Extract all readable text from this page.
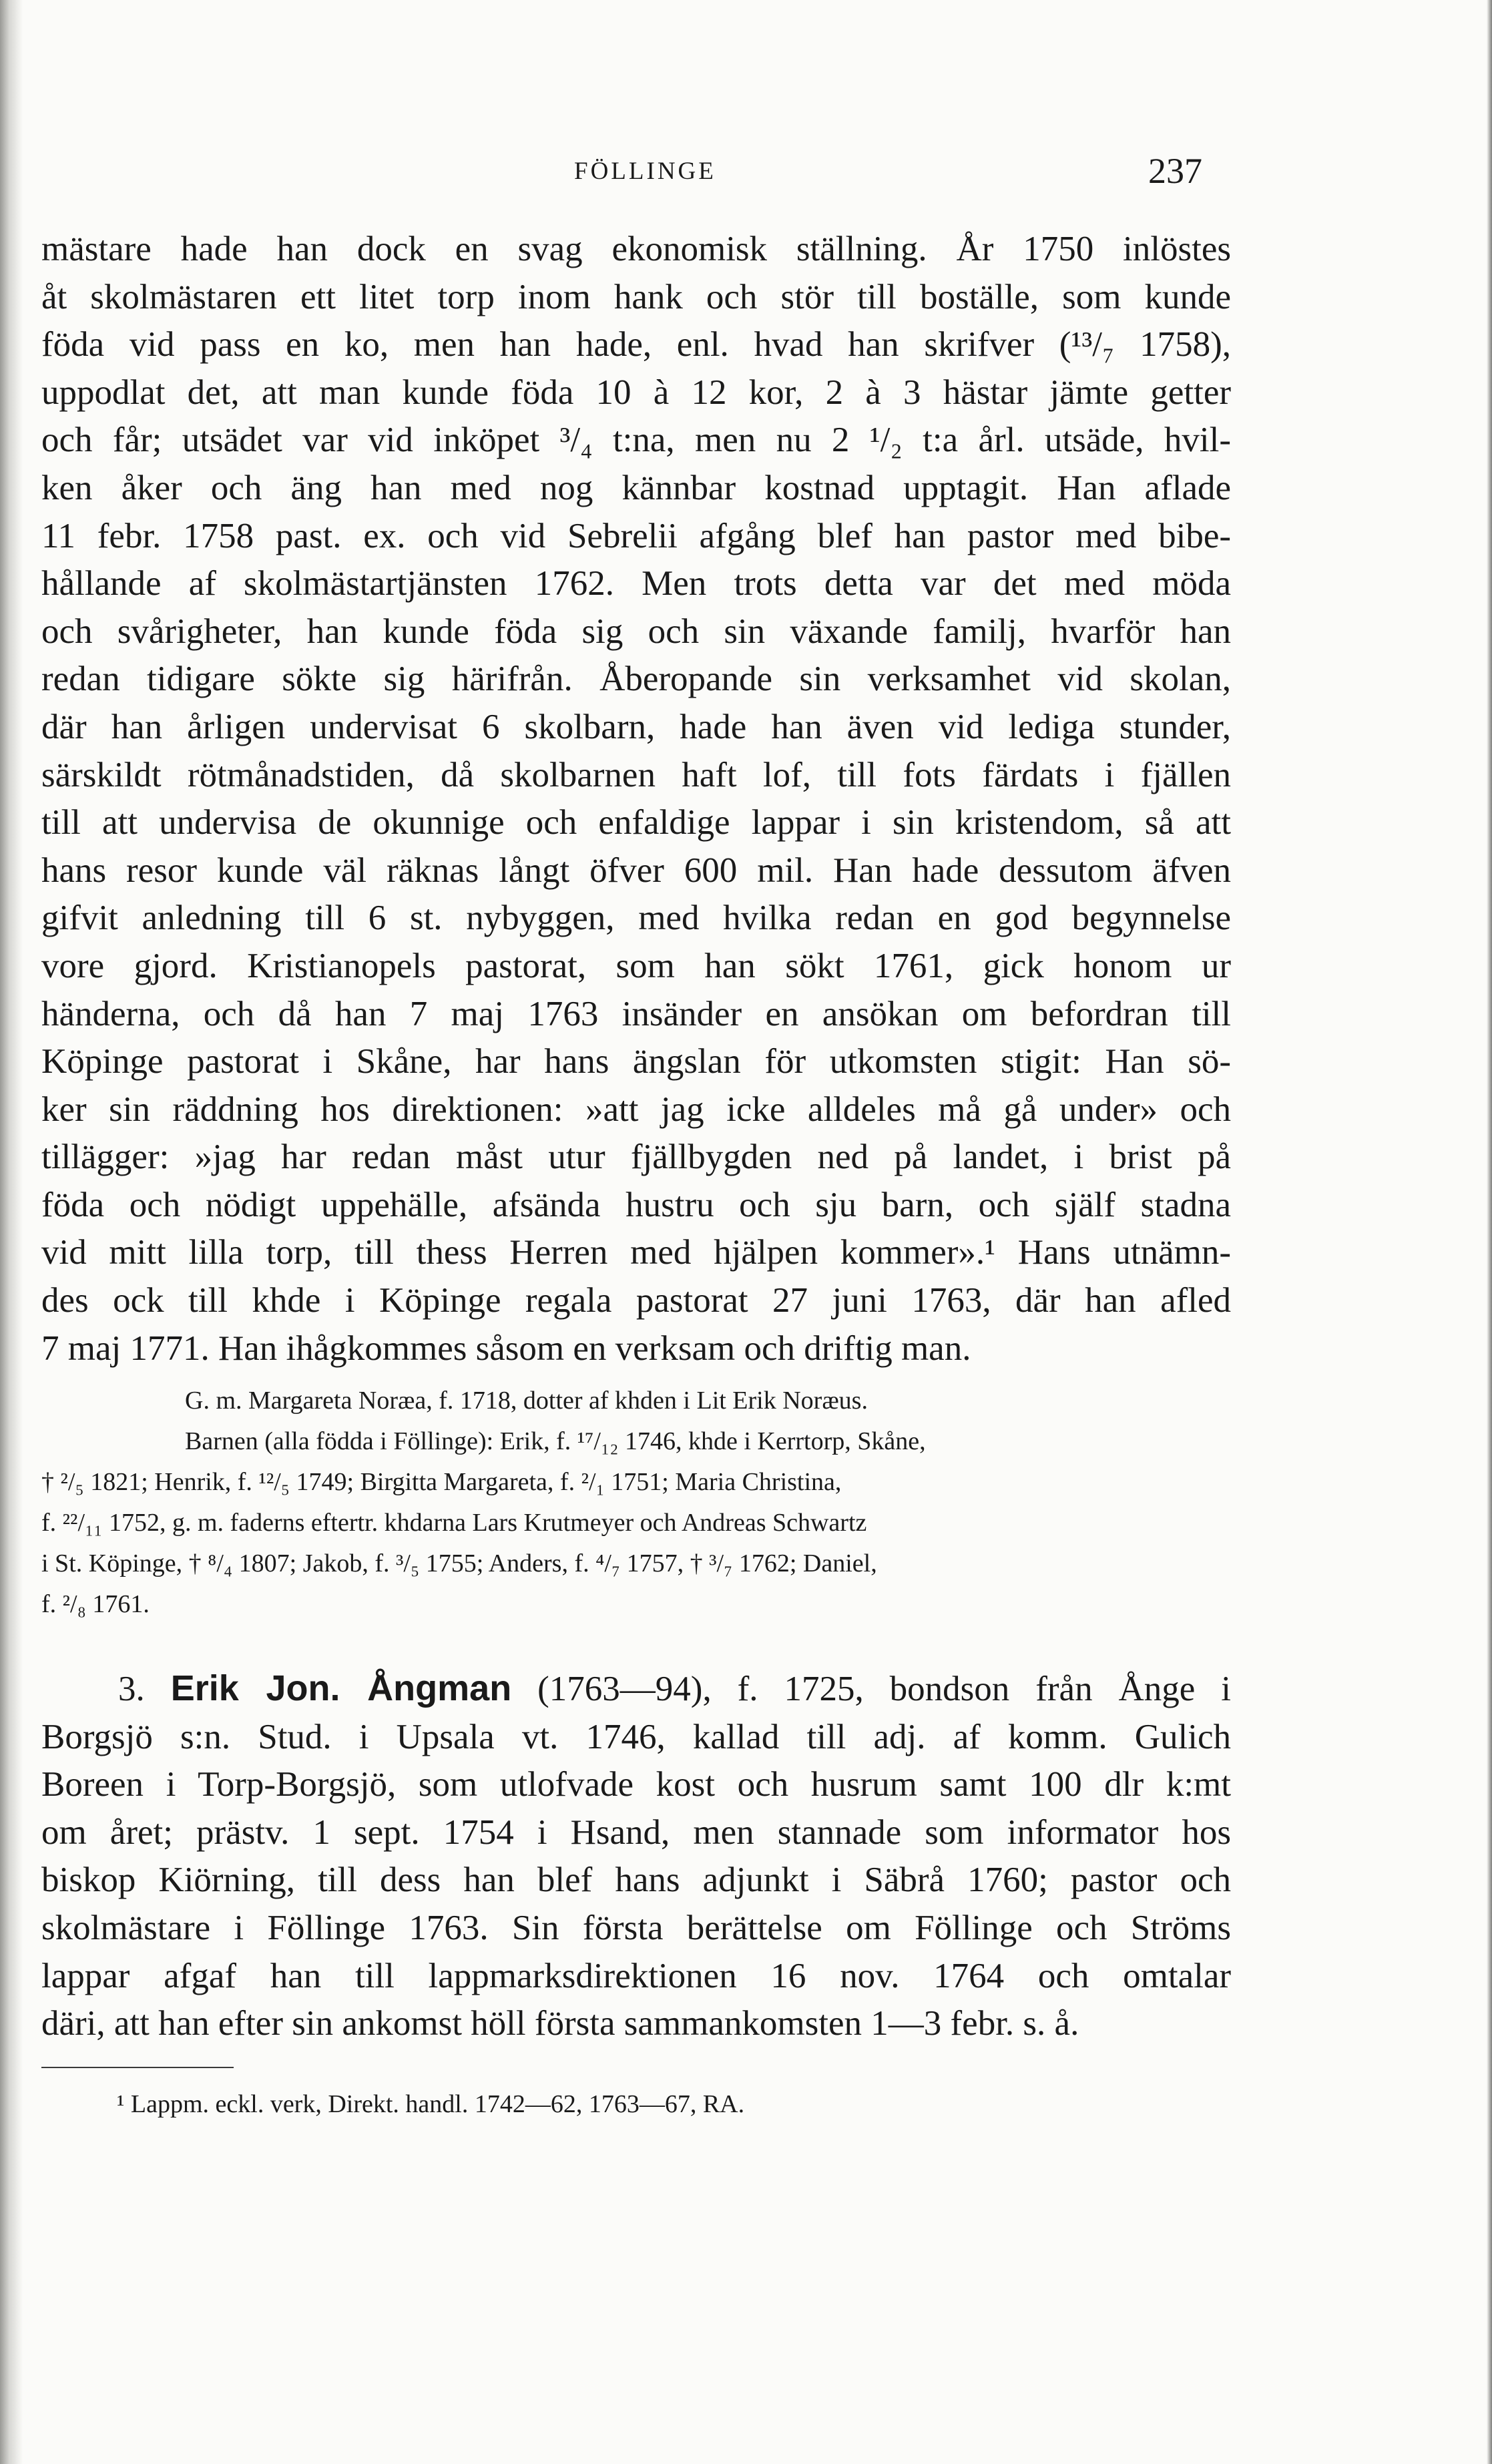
FÖLLINGE	237
mästare hade han dock en svag ekonomisk ställning. År 1750 inlöstes
åt skolmästaren ett litet torp inom hank och stör till boställe, som kunde
föda vid pass en ko, men han hade, enl. hvad han skrifver (¹³/₇ 1758),
uppodlat det, att man kunde föda 10 à 12 kor, 2 à 3 hästar jämte getter
och får; utsädet var vid inköpet ³/₄ t:na, men nu 2 ¹/₂ t:a årl. utsäde, hvil-
ken åker och äng han med nog kännbar kostnad upptagit. Han aflade
11 febr. 1758 past. ex. och vid Sebrelii afgång blef han pastor med bibe-
hållande af skolmästartjänsten 1762. Men trots detta var det med möda
och svårigheter, han kunde föda sig och sin växande familj, hvarför han
redan tidigare sökte sig härifrån. Åberopande sin verksamhet vid skolan,
där han årligen undervisat 6 skolbarn, hade han även vid lediga stunder,
särskildt rötmånadstiden, då skolbarnen haft lof, till fots färdats i fjällen
till att undervisa de okunnige och enfaldige lappar i sin kristendom, så att
hans resor kunde väl räknas långt öfver 600 mil. Han hade dessutom äfven
gifvit anledning till 6 st. nybyggen, med hvilka redan en god begynnelse
vore gjord. Kristianopels pastorat, som han sökt 1761, gick honom ur
händerna, och då han 7 maj 1763 insänder en ansökan om befordran till
Köpinge pastorat i Skåne, har hans ängslan för utkomsten stigit: Han sö-
ker sin räddning hos direktionen: »att jag icke alldeles må gå under» och
tillägger: »jag har redan måst utur fjällbygden ned på landet, i brist på
föda och nödigt uppehälle, afsända hustru och sju barn, och själf stadna
vid mitt lilla torp, till thess Herren med hjälpen kommer».¹ Hans utnämn-
des ock till khde i Köpinge regala pastorat 27 juni 1763, där han afled
7 maj 1771. Han ihågkommes såsom en verksam och driftig man.
G. m. Margareta Noræa, f. 1718, dotter af khden i Lit Erik Noræus.
Barnen (alla födda i Föllinge): Erik, f. ¹⁷/₁₂ 1746, khde i Kerrtorp, Skåne,
† ²/₅ 1821; Henrik, f. ¹²/₅ 1749; Birgitta Margareta, f. ²/₁ 1751; Maria Christina,
f. ²²/₁₁ 1752, g. m. faderns eftertr. khdarna Lars Krutmeyer och Andreas Schwartz
i St. Köpinge, † ⁸/₄ 1807; Jakob, f. ³/₅ 1755; Anders, f. ⁴/₇ 1757, † ³/₇ 1762; Daniel,
f. ²/₈ 1761.
3. Erik Jon. Ångman (1763—94), f. 1725, bondson från Ånge i
Borgsjö s:n. Stud. i Upsala vt. 1746, kallad till adj. af komm. Gulich
Boreen i Torp-Borgsjö, som utlofvade kost och husrum samt 100 dlr k:mt
om året; prästv. 1 sept. 1754 i Hsand, men stannade som informator hos
biskop Kiörning, till dess han blef hans adjunkt i Säbrå 1760; pastor och
skolmästare i Föllinge 1763. Sin första berättelse om Föllinge och Ströms
lappar afgaf han till lappmarksdirektionen 16 nov. 1764 och omtalar
däri, att han efter sin ankomst höll första sammankomsten 1—3 febr. s. å.
¹ Lappm. eckl. verk, Direkt. handl. 1742—62, 1763—67, RA.
